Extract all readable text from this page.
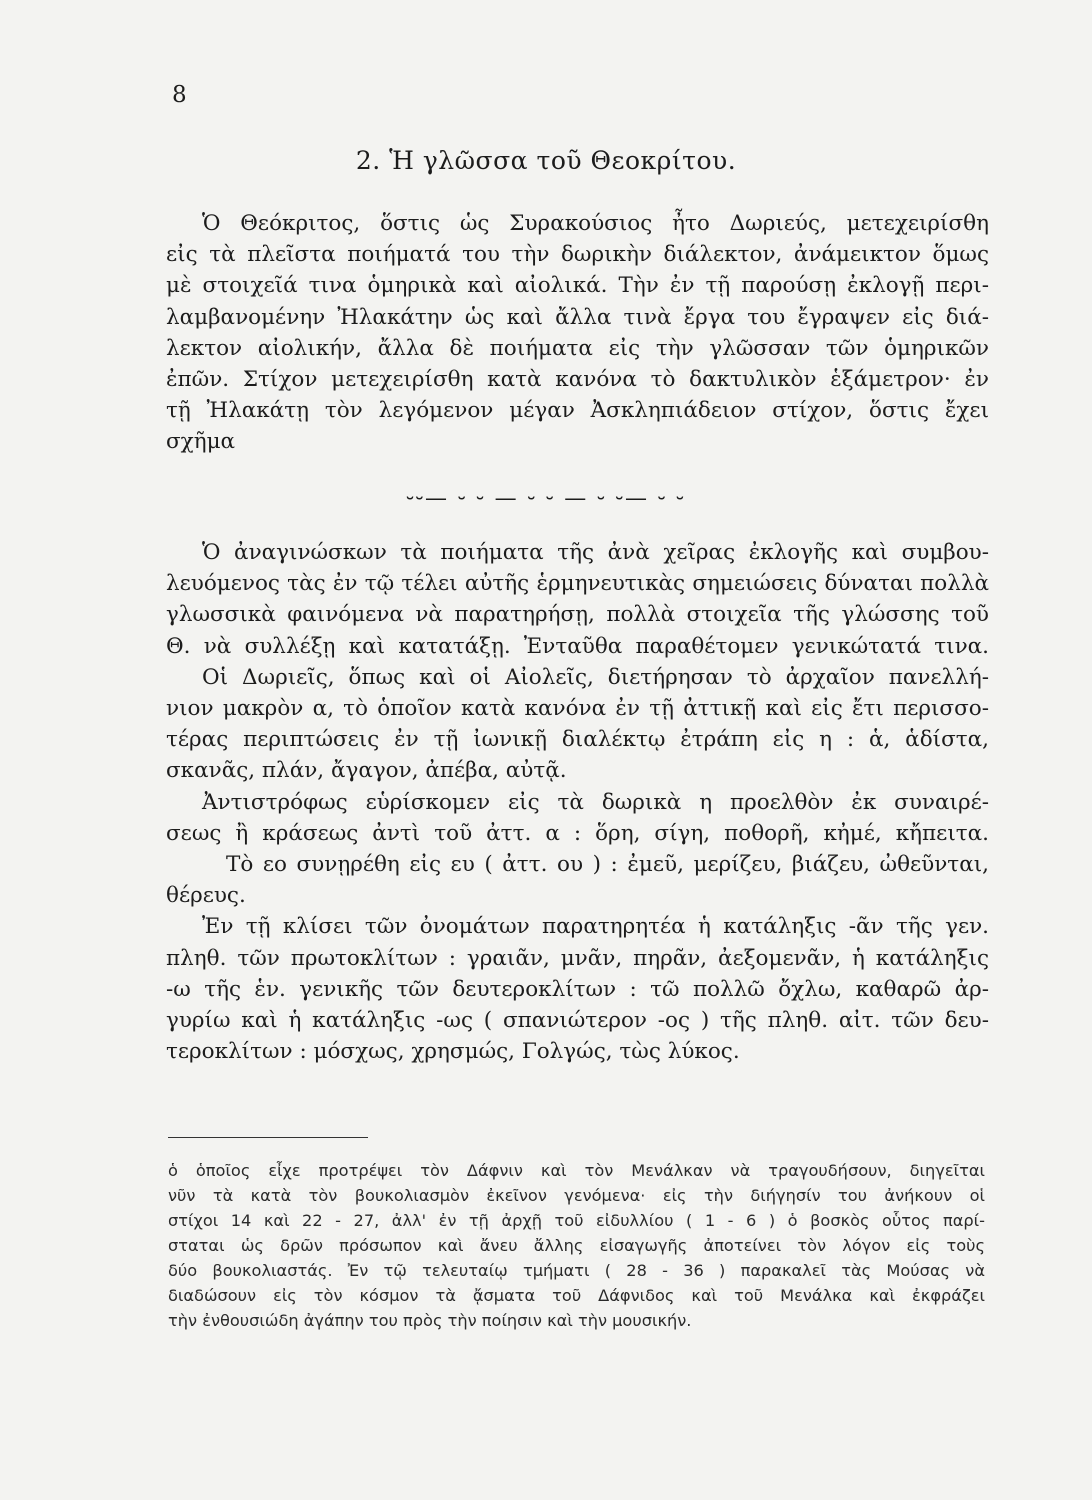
8
2. Ἡ γλῶσσα τοῦ Θεοκρίτου.
Ὁ Θεόκριτος, ὅστις ὡς Συρακούσιος ἦτο Δωριεύς, μετεχειρίσθη
εἰς τὰ πλεῖστα ποιήματά του τὴν δωρικὴν διάλεκτον, ἀνάμεικτον ὅμως
μὲ στοιχεῖά τινα ὁμηρικὰ καὶ αἰολικά. Τὴν ἐν τῇ παρούσῃ ἐκλογῇ περι-
λαμβανομένην Ἠλακάτην ὡς καὶ ἄλλα τινὰ ἔργα του ἔγραψεν εἰς διά-
λεκτον αἰολικήν, ἄλλα δὲ ποιήματα εἰς τὴν γλῶσσαν τῶν ὁμηρικῶν
ἐπῶν. Στίχον μετεχειρίσθη κατὰ κανόνα τὸ δακτυλικὸν ἑξάμετρον· ἐν
τῇ Ἠλακάτῃ τὸν λεγόμενον μέγαν Ἀσκληπιάδειον στίχον, ὅστις ἔχει
σχῆμα
⏑⏑— ⏑ ⏑ — ⏑ ⏑ — ⏑ ⏑— ⏑ ⏑
Ὁ ἀναγινώσκων τὰ ποιήματα τῆς ἀνὰ χεῖρας ἐκλογῆς καὶ συμβου-
λευόμενος τὰς ἐν τῷ τέλει αὐτῆς ἑρμηνευτικὰς σημειώσεις δύναται πολλὰ
γλωσσικὰ φαινόμενα νὰ παρατηρήσῃ, πολλὰ στοιχεῖα τῆς γλώσσης τοῦ
Θ. νὰ συλλέξῃ καὶ κατατάξῃ. Ἐνταῦθα παραθέτομεν γενικώτατά τινα.
Οἱ Δωριεῖς, ὅπως καὶ οἱ Αἰολεῖς, διετήρησαν τὸ ἀρχαῖον πανελλή-
νιον μακρὸν α, τὸ ὁποῖον κατὰ κανόνα ἐν τῇ ἀττικῇ καὶ εἰς ἔτι περισσο-
τέρας περιπτώσεις ἐν τῇ ἰωνικῇ διαλέκτῳ ἐτράπη εἰς η : ἁ, ἁδίστα,
σκανᾶς, πλάν, ἄγαγον, ἀπέβα, αὐτᾷ.
Ἀντιστρόφως εὑρίσκομεν εἰς τὰ δωρικὰ η προελθὸν ἐκ συναιρέ-
σεως ἢ κράσεως ἀντὶ τοῦ ἀττ. α : ὅρη, σίγη, ποθορῆ, κἠμέ, κἤπειτα.
Τὸ εο συνῃρέθη εἰς ευ ( ἀττ. ου ) : ἐμεῦ, μερίζευ, βιάζευ, ὠθεῦνται,
θέρευς.
Ἐν τῇ κλίσει τῶν ὀνομάτων παρατηρητέα ἡ κατάληξις -ᾶν τῆς γεν.
πληθ. τῶν πρωτοκλίτων : γραιᾶν, μνᾶν, πηρᾶν, ἀεξομενᾶν, ἡ κατάληξις
-ω τῆς ἑν. γενικῆς τῶν δευτεροκλίτων : τῶ πολλῶ ὄχλω, καθαρῶ ἀρ-
γυρίω καὶ ἡ κατάληξις -ως ( σπανιώτερον -ος ) τῆς πληθ. αἰτ. τῶν δευ-
τεροκλίτων : μόσχως, χρησμώς, Γολγώς, τὼς λύκος.
ὁ ὁποῖος εἶχε προτρέψει τὸν Δάφνιν καὶ τὸν Μενάλκαν νὰ τραγουδήσουν, διηγεῖται
νῦν τὰ κατὰ τὸν βουκολιασμὸν ἐκεῖνον γενόμενα· εἰς τὴν διήγησίν του ἀνήκουν οἱ
στίχοι 14 καὶ 22 - 27, ἀλλ' ἐν τῇ ἀρχῇ τοῦ εἰδυλλίου ( 1 - 6 ) ὁ βοσκὸς οὗτος παρί-
σταται ὡς δρῶν πρόσωπον καὶ ἄνευ ἄλλης εἰσαγωγῆς ἀποτείνει τὸν λόγον εἰς τοὺς
δύο βουκολιαστάς. Ἐν τῷ τελευταίῳ τμήματι ( 28 - 36 ) παρακαλεῖ τὰς Μούσας νὰ
διαδώσουν εἰς τὸν κόσμον τὰ ᾄσματα τοῦ Δάφνιδος καὶ τοῦ Μενάλκα καὶ ἐκφράζει
τὴν ἐνθουσιώδη ἀγάπην του πρὸς τὴν ποίησιν καὶ τὴν μουσικήν.
